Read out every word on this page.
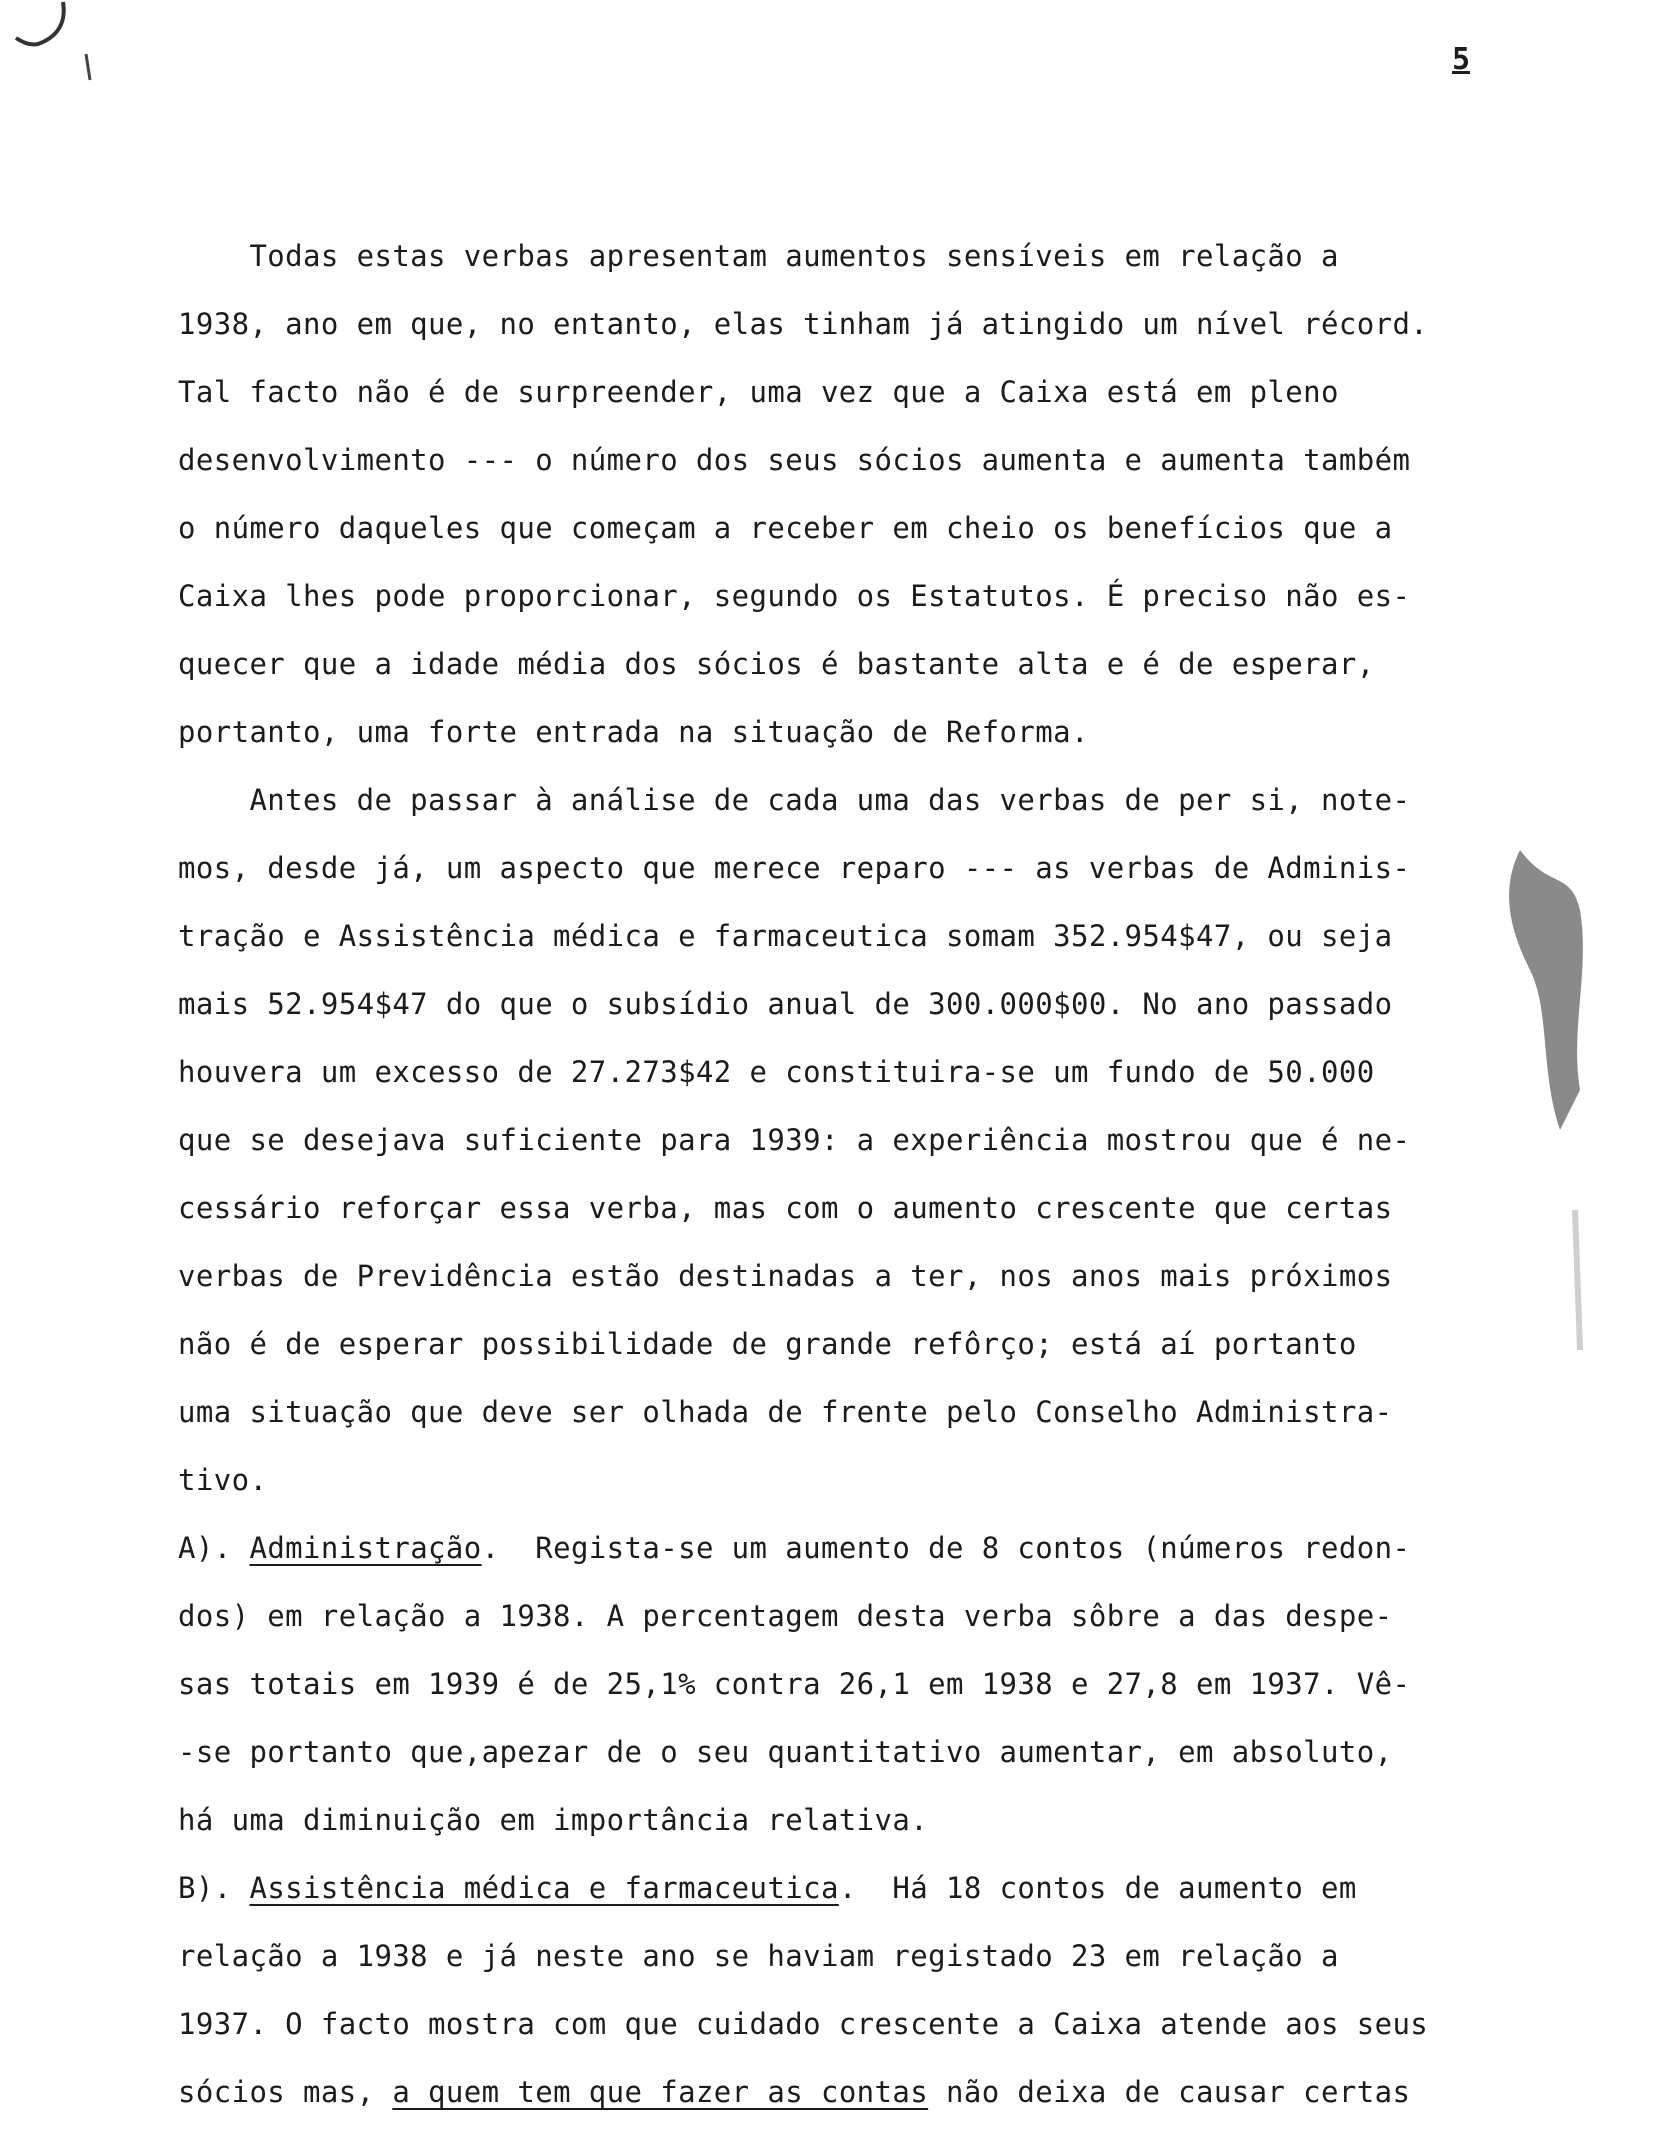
5
Todas estas verbas apresentam aumentos sensíveis em relação a
1938, ano em que, no entanto, elas tinham já atingido um nível récord.
Tal facto não é de surpreender, uma vez que a Caixa está em pleno
desenvolvimento --- o número dos seus sócios aumenta e aumenta também
o número daqueles que começam a receber em cheio os benefícios que a
Caixa lhes pode proporcionar, segundo os Estatutos. É preciso não es-
quecer que a idade média dos sócios é bastante alta e é de esperar,
portanto, uma forte entrada na situação de Reforma.
Antes de passar à análise de cada uma das verbas de per si, note-
mos, desde já, um aspecto que merece reparo --- as verbas de Adminis-
tração e Assistência médica e farmaceutica somam 352.954$47, ou seja
mais 52.954$47 do que o subsídio anual de 300.000$00. No ano passado
houvera um excesso de 27.273$42 e constituira-se um fundo de 50.000
que se desejava suficiente para 1939: a experiência mostrou que é ne-
cessário reforçar essa verba, mas com o aumento crescente que certas
verbas de Previdência estão destinadas a ter, nos anos mais próximos
não é de esperar possibilidade de grande refôrço; está aí portanto
uma situação que deve ser olhada de frente pelo Conselho Administra-
tivo.
A). Administração.  Regista-se um aumento de 8 contos (números redon-
dos) em relação a 1938. A percentagem desta verba sôbre a das despe-
sas totais em 1939 é de 25,1% contra 26,1 em 1938 e 27,8 em 1937. Vê-
-se portanto que,apezar de o seu quantitativo aumentar, em absoluto,
há uma diminuição em importância relativa.
B). Assistência médica e farmaceutica.  Há 18 contos de aumento em
relação a 1938 e já neste ano se haviam registado 23 em relação a
1937. O facto mostra com que cuidado crescente a Caixa atende aos seus
sócios mas, a quem tem que fazer as contas não deixa de causar certas
